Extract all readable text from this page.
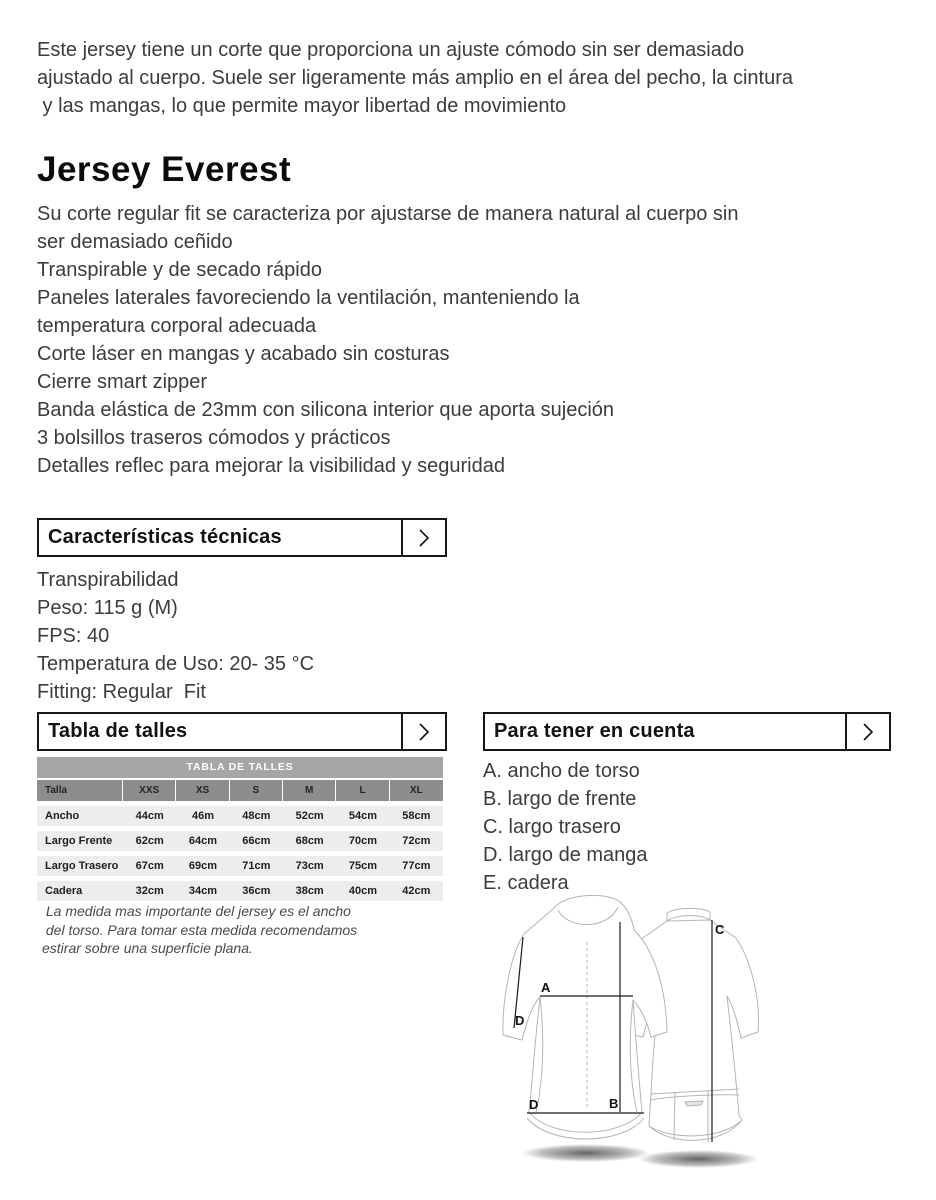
Este jersey tiene un corte que proporciona un ajuste cómodo sin ser demasiado
ajustado al cuerpo. Suele ser ligeramente más amplio en el área del pecho, la cintura
y las mangas, lo que permite mayor libertad de movimiento
Jersey Everest
Su corte regular fit se caracteriza por ajustarse de manera natural al cuerpo sin
ser demasiado ceñido
Transpirable y de secado rápido
Paneles laterales favoreciendo la ventilación, manteniendo la
temperatura corporal adecuada
Corte láser en mangas y acabado sin costuras
Cierre smart zipper
Banda elástica de 23mm con silicona interior que aporta sujeción
3 bolsillos traseros cómodos y prácticos
Detalles reflec para mejorar la visibilidad y seguridad
Características técnicas
Transpirabilidad
Peso: 115 g (M)
FPS: 40
Temperatura de Uso: 20- 35 °C
Fitting: Regular  Fit
Tabla de talles	Para tener en cuenta
TABLA DE TALLES
Talla	XXS	XS	S	M	L	XL
Ancho	44cm	46m	48cm	52cm	54cm	58cm
Largo Frente	62cm	64cm	66cm	68cm	70cm	72cm
Largo Trasero	67cm	69cm	71cm	73cm	75cm	77cm
Cadera	32cm	34cm	36cm	38cm	40cm	42cm
La medida mas importante del jersey es el ancho
del torso. Para tomar esta medida recomendamos
estirar sobre una superficie plana.
A. ancho de torso
B. largo de frente
C. largo trasero
D. largo de manga
E. cadera
A
B
C
D
D
